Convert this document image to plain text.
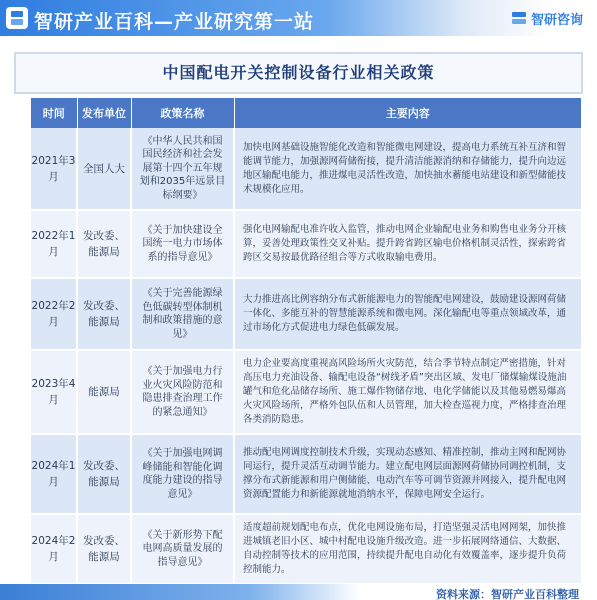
智研产业百科—产业研究第一站	智研咨询
中国配电开关控制设备行业相关政策
时间	发布单位	政策名称	主要内容
2021年3月	全国人大	《中华人民共和国国民经济和社会发展第十四个五年规划和2035年远景目标纲要》	加快电网基础设施智能化改造和智能微电网建设，提高电力系统互补互济和智能调节能力，加强源网荷储衔接，提升清洁能源消纳和存储能力，提升向边远地区输配电能力，推进煤电灵活性改造，加快抽水蓄能电站建设和新型储能技术规模化应用。
2022年1月	发改委、能源局	《关于加快建设全国统一电力市场体系的指导意见》	强化电网输配电准许收入监管，推动电网企业输配电业务和购售电业务分开核算，妥善处理政策性交叉补贴。提升跨省跨区输电价格机制灵活性，探索跨省跨区交易按最优路径组合等方式收取输电费用。
2022年2月	发改委、能源局	《关于完善能源绿色低碳转型体制机制和政策措施的意见》	大力推进高比例容纳分布式新能源电力的智能配电网建设，鼓励建设源网荷储一体化、多能互补的智慧能源系统和微电网。深化输配电等重点领域改革，通过市场化方式促进电力绿色低碳发展。
2023年4月	能源局	《关于加强电力行业火灾风险防范和隐患排查治理工作的紧急通知》	电力企业要高度重视高风险场所火灾防范，结合季节特点制定严密措施，针对高压电力充油设备、输配电设备“树线矛盾”突出区域、发电厂储煤输煤设施油罐气和危化品储存场所、施工爆作物储存地、电化学储能以及其他易燃易爆高火灾风险场所，严格外包队伍和人员管理，加大检查巡视力度，严格排查治理各类消防隐患。
2024年1月	发改委、能源局	《关于加强电网调峰储能和智能化调度能力建设的指导意见》	推动配电网调度控制技术升级，实现动态感知、精准控制，推动主网和配网协同运行，提升灵活互动调节能力。建立配电网层面源网荷储协同调控机制，支撑分布式新能源和用户侧储能、电动汽车等可调节资源并网接入，提升配电网资源配置能力和新能源就地消纳水平，保障电网安全运行。
2024年2月	发改委、能源局	《关于新形势下配电网高质量发展的指导意见》	适度超前规划配电布点，优化电网设施布局，打造坚强灵活电网网架，加快推进城镇老旧小区、城中村配电设施升级改造。进一步拓展网络通信、大数据、自动控制等技术的应用范围，持续提升配电自动化有效覆盖率，逐步提升负荷控制能力。
资料来源：智研产业百科整理
